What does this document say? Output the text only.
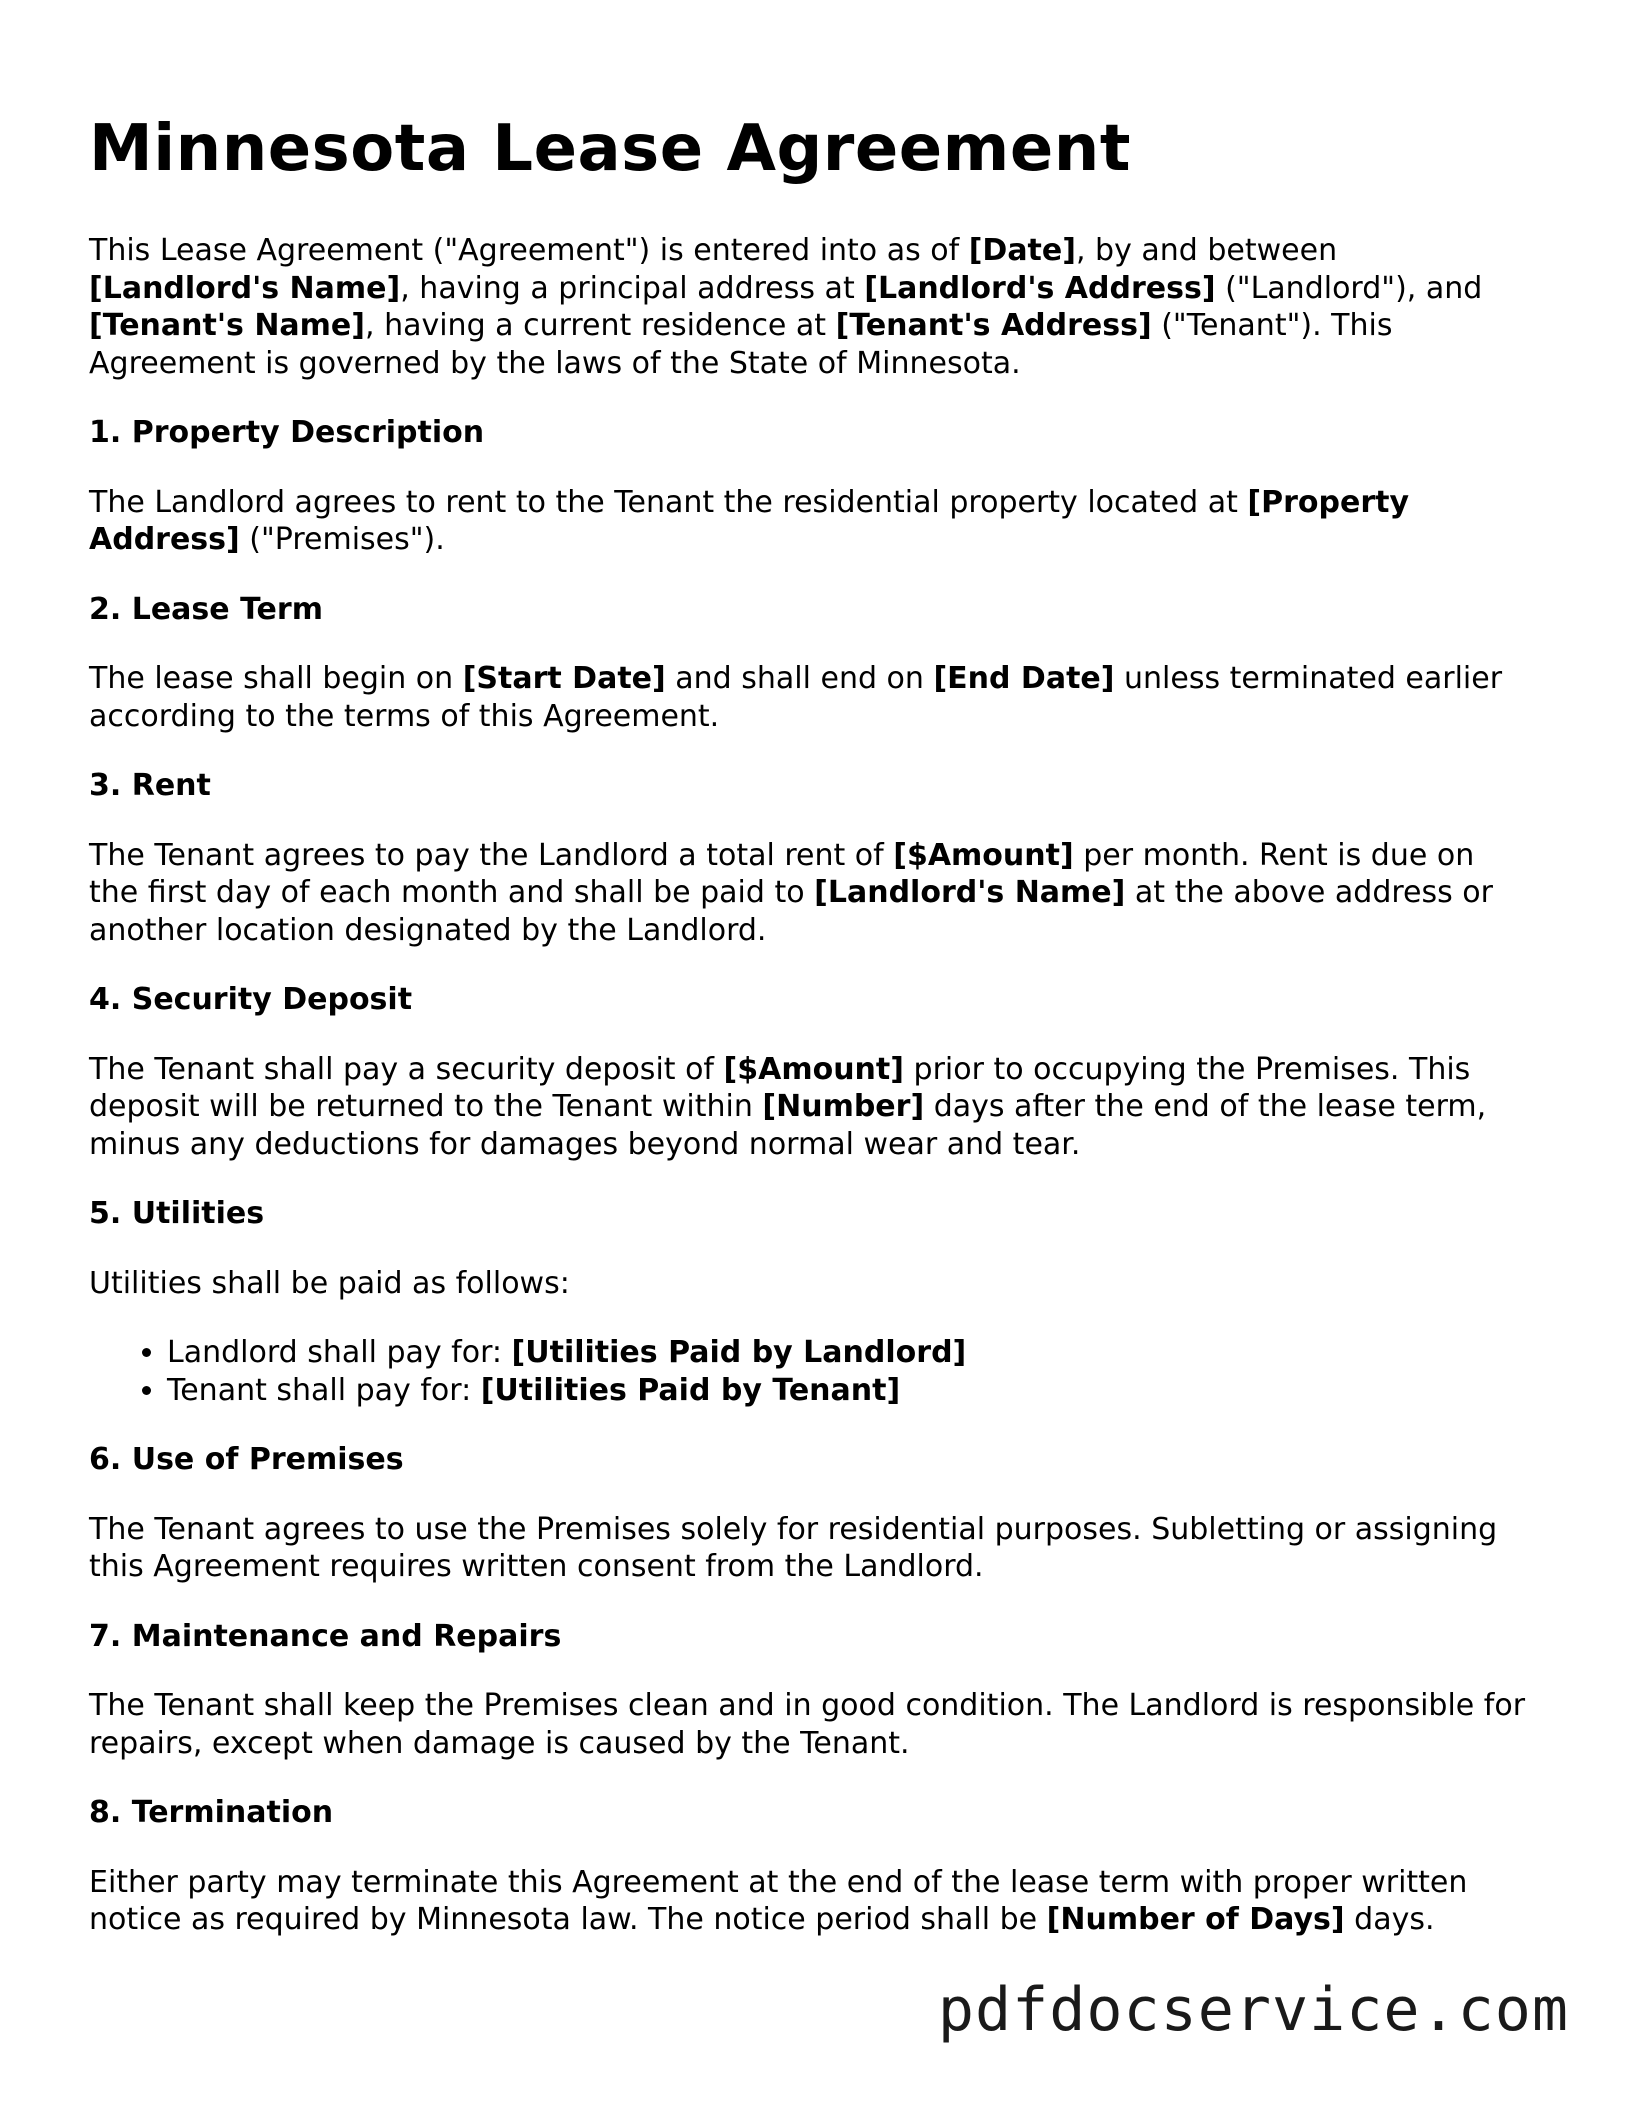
Minnesota Lease Agreement

This Lease Agreement ("Agreement") is entered into as of [Date], by and between [Landlord's Name], having a principal address at [Landlord's Address] ("Landlord"), and [Tenant's Name], having a current residence at [Tenant's Address] ("Tenant"). This Agreement is governed by the laws of the State of Minnesota.

1. Property Description

The Landlord agrees to rent to the Tenant the residential property located at [Property Address] ("Premises").

2. Lease Term

The lease shall begin on [Start Date] and shall end on [End Date] unless terminated earlier according to the terms of this Agreement.

3. Rent

The Tenant agrees to pay the Landlord a total rent of [$Amount] per month. Rent is due on the first day of each month and shall be paid to [Landlord's Name] at the above address or another location designated by the Landlord.

4. Security Deposit

The Tenant shall pay a security deposit of [$Amount] prior to occupying the Premises. This deposit will be returned to the Tenant within [Number] days after the end of the lease term, minus any deductions for damages beyond normal wear and tear.

5. Utilities

Utilities shall be paid as follows:

• Landlord shall pay for: [Utilities Paid by Landlord]
• Tenant shall pay for: [Utilities Paid by Tenant]
6. Use of Premises

The Tenant agrees to use the Premises solely for residential purposes. Subletting or assigning this Agreement requires written consent from the Landlord.

7. Maintenance and Repairs

The Tenant shall keep the Premises clean and in good condition. The Landlord is responsible for repairs, except when damage is caused by the Tenant.

8. Termination

Either party may terminate this Agreement at the end of the lease term with proper written notice as required by Minnesota law. The notice period shall be [Number of Days] days.

pdfdocservice.com
